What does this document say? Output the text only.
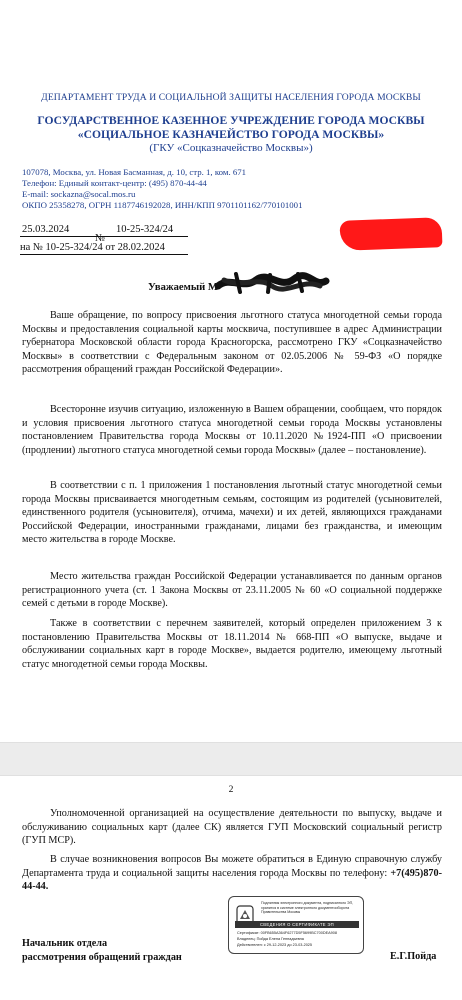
ДЕПАРТАМЕНТ ТРУДА И СОЦИАЛЬНОЙ ЗАЩИТЫ НАСЕЛЕНИЯ ГОРОДА МОСКВЫ
ГОСУДАРСТВЕННОЕ КАЗЕННОЕ УЧРЕЖДЕНИЕ ГОРОДА МОСКВЫ
«СОЦИАЛЬНОЕ КАЗНАЧЕЙСТВО ГОРОДА МОСКВЫ»
(ГКУ «Соцказначейство Москвы»)
107078, Москва, ул. Новая Басманная, д. 10, стр. 1, ком. 671
Телефон: Единый контакт-центр: (495) 870-44-44
E-mail: sockazna@socal.mos.ru
ОКПО 25358278, ОГРН 1187746192028, ИНН/КПП 9701101162/770101001
25.03.2024	10-25-324/24
№
на № 10-25-324/24 от 28.02.2024
Уважаемый М
Ваше обращение, по вопросу присвоения льготного статуса многодетной семьи города Москвы и предоставления социальной карты москвича, поступившее в адрес Администрации губернатора Московской области города Красногорска, рассмотрено ГКУ «Соцказначейство Москвы» в соответствии с Федеральным законом от 02.05.2006 № 59-ФЗ «О порядке рассмотрения обращений граждан Российской Федерации».
Всесторонне изучив ситуацию, изложенную в Вашем обращении, сообщаем, что порядок и условия присвоения льготного статуса многодетной семьи города Москвы установлены постановлением Правительства города Москвы от 10.11.2020 №1924-ПП «О присвоении (продлении) льготного статуса многодетной семьи города Москвы» (далее – постановление).
В соответствии с п. 1 приложения 1 постановления льготный статус многодетной семьи города Москвы присваивается многодетным семьям, состоящим из родителей (усыновителей, единственного родителя (усыновителя), отчима, мачехи) и их детей, являющихся гражданами Российской Федерации, иностранными гражданами, лицами без гражданства, и имеющим место жительства в городе Москве.
Место жительства граждан Российской Федерации устанавливается по данным органов регистрационного учета (ст. 1 Закона Москвы от 23.11.2005 № 60 «О социальной поддержке семей с детьми в городе Москве).
Также в соответствии с перечнем заявителей, который определен приложением 3 к постановлению Правительства Москвы от 18.11.2014 № 668-ПП «О выпуске, выдаче и обслуживании социальных карт в городе Москве», выдается родителю, имеющему льготный статус многодетной семьи города Москвы.
2
Уполномоченной организацией на осуществление деятельности по выпуску, выдаче и обслуживанию социальных карт (далее СК) является ГУП Московский социальный регистр (ГУП МСР).
В случае возникновения вопросов Вы можете обратиться в Единую справочную службу Департамента труда и социальной защиты населения города Москвы по телефону: +7(495)870-44-44.
Подлинник электронного документа, подписанного ЭП, хранится в системе электронного документооборота Правительства Москвы
СВЕДЕНИЯ О СЕРТИФИКАТЕ ЭП
Сертификат: 00FB655A364F6277D5F5699BC700DEA908
Владелец: Пойда Елена Геннадьевна
Действителен: с 29-12-2023 до 23-03-2025
Начальник отдела
рассмотрения обращений граждан	Е.Г.Пойда
